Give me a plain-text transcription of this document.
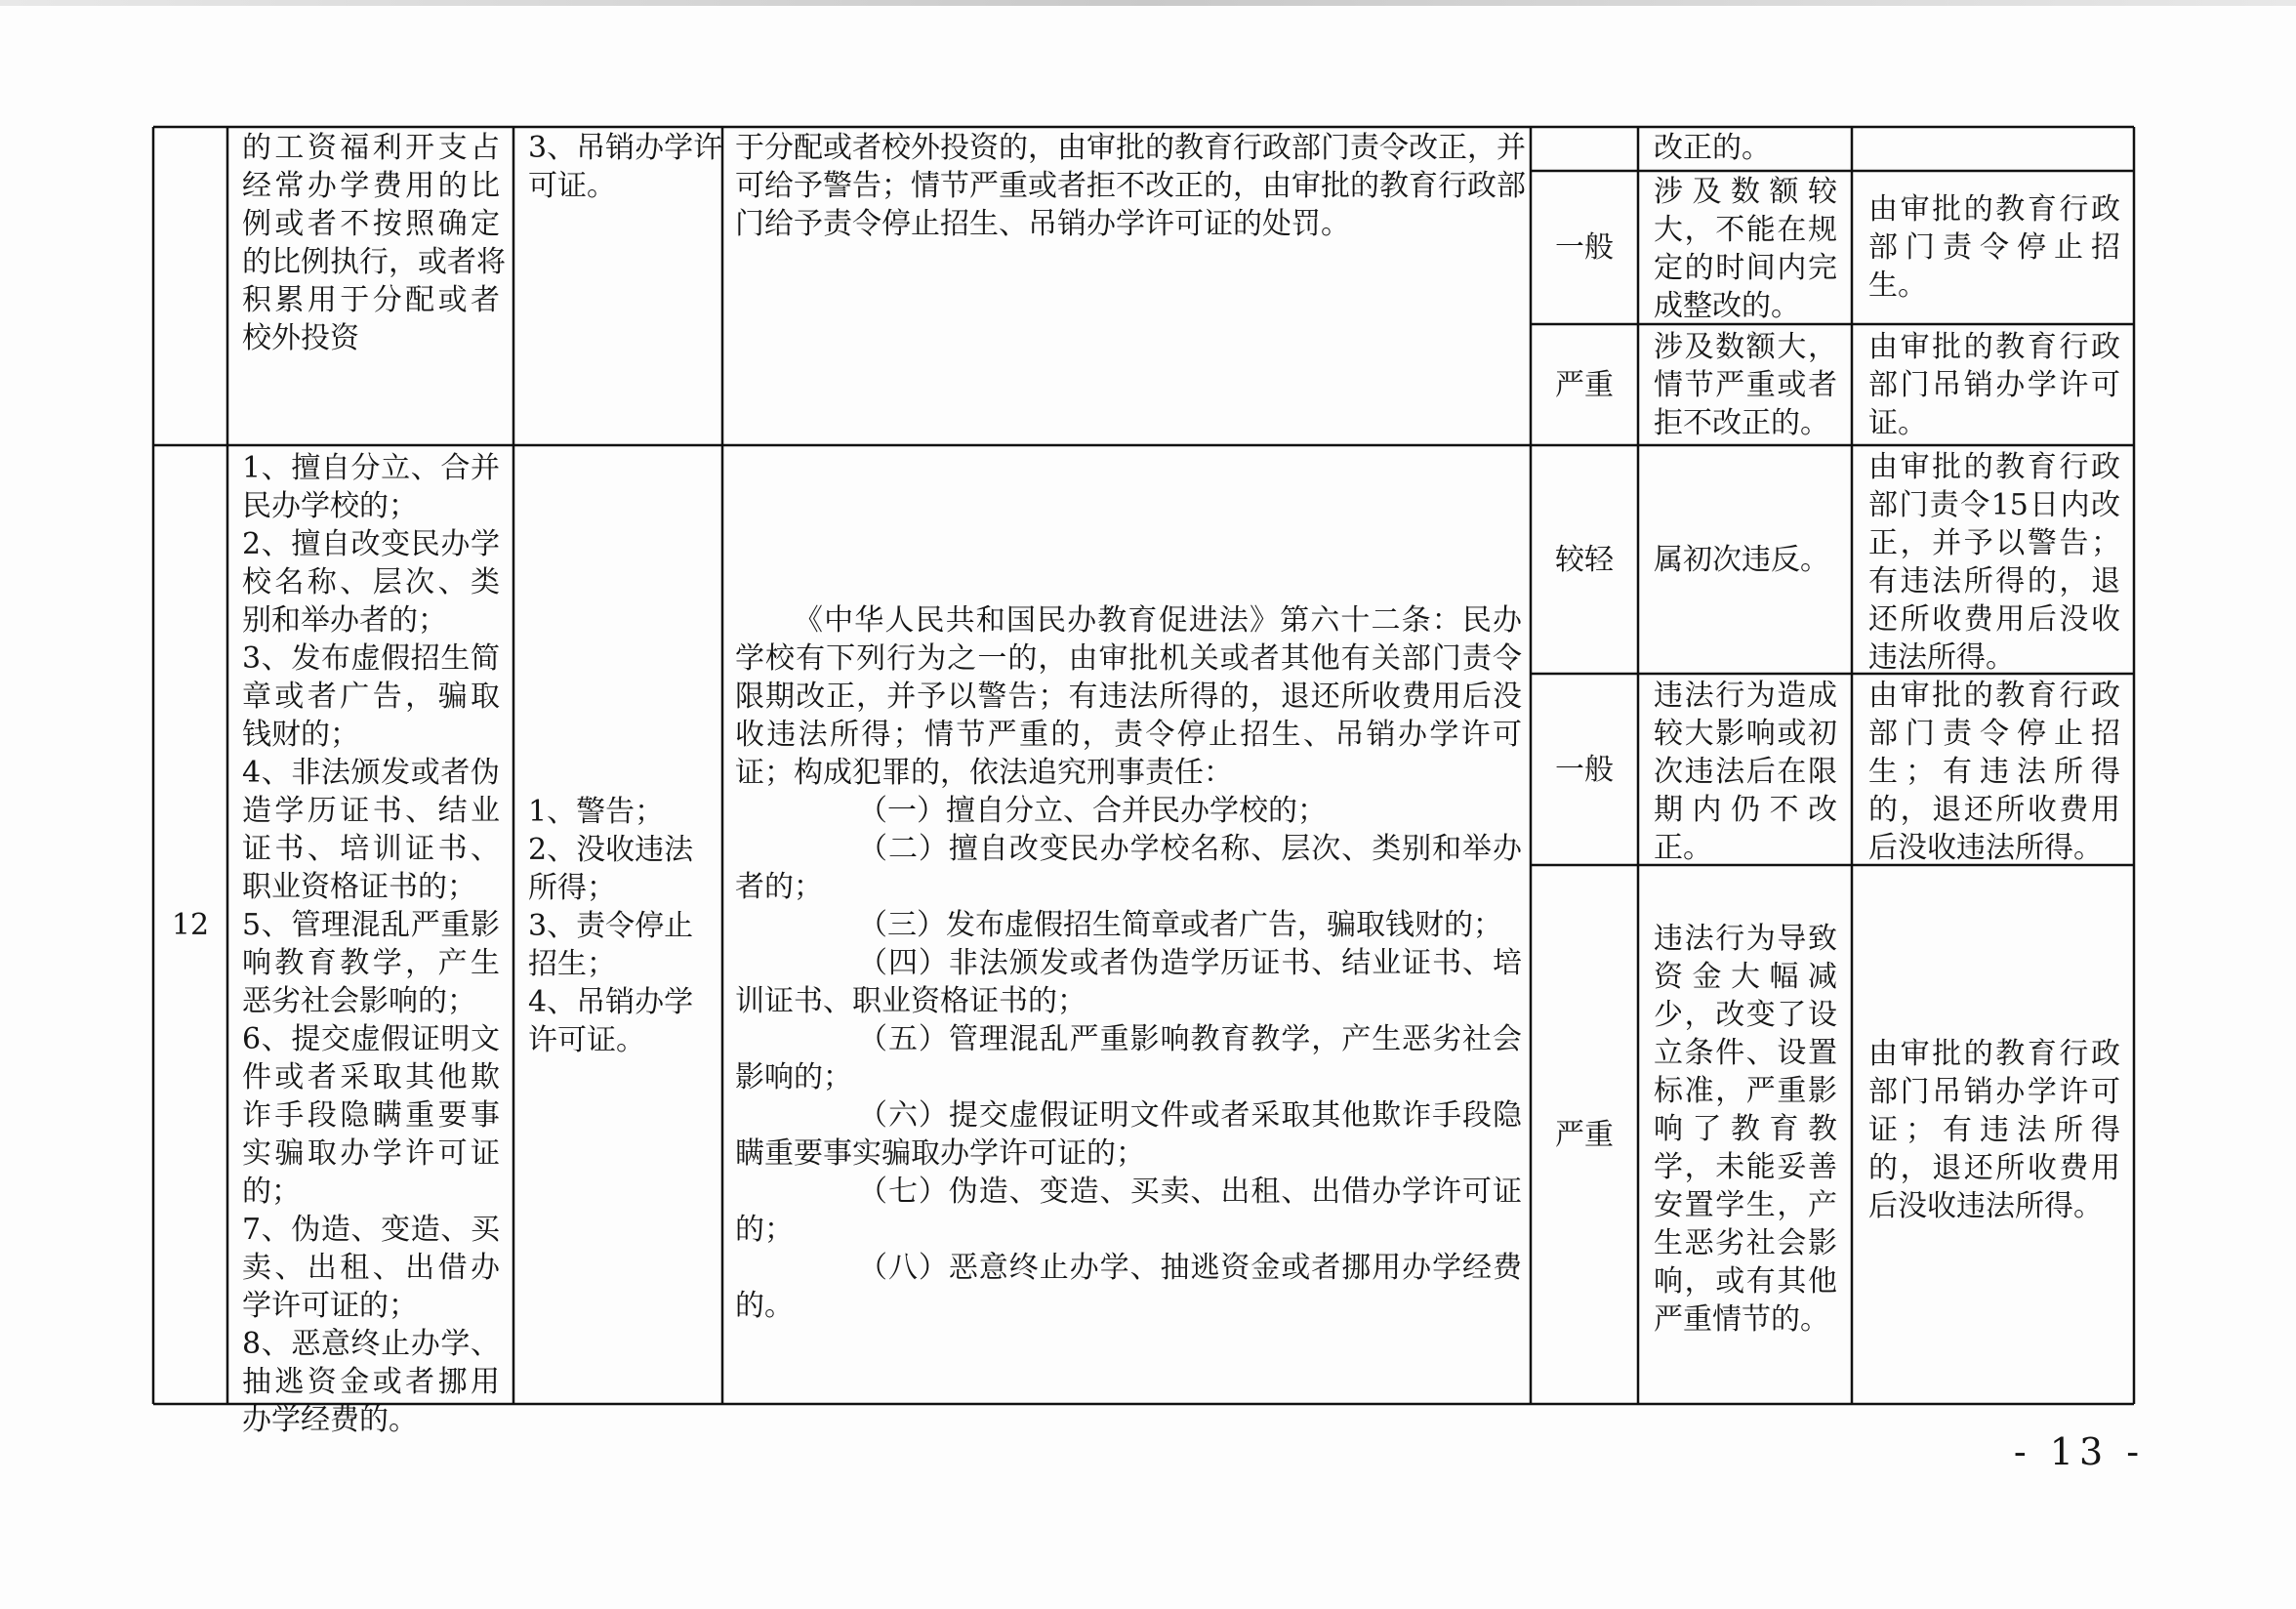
的工资福利开支占
经常办学费用的比
例或者不按照确定
的比例执行，或者将
积累用于分配或者
校外投资
3、吊销办学许
可证。
于分配或者校外投资的，由审批的教育行政部门责令改正，并
可给予警告；情节严重或者拒不改正的，由审批的教育行政部
门给予责令停止招生、吊销办学许可证的处罚。
改正的。
一般
涉及数额较大，不能在规定的时间内完成整改的。
由审批的教育行政部门责令停止招生。
严重
涉及数额大，情节严重或者拒不改正的。
由审批的教育行政部门吊销办学许可证。
12
1、擅自分立、合并民办学校的；
2、擅自改变民办学校名称、层次、类别和举办者的；
3、发布虚假招生简章或者广告，骗取钱财的；
4、非法颁发或者伪造学历证书、结业证书、培训证书、职业资格证书的；
5、管理混乱严重影响教育教学，产生恶劣社会影响的；
6、提交虚假证明文件或者采取其他欺诈手段隐瞒重要事实骗取办学许可证的；
7、伪造、变造、买卖、出租、出借办学许可证的；
8、恶意终止办学、抽逃资金或者挪用办学经费的。
1、警告；
2、没收违法所得；
3、责令停止招生；
4、吊销办学许可证。
《中华人民共和国民办教育促进法》第六十二条：民办学校有下列行为之一的，由审批机关或者其他有关部门责令限期改正，并予以警告；有违法所得的，退还所收费用后没收违法所得；情节严重的，责令停止招生、吊销办学许可证；构成犯罪的，依法追究刑事责任：
（一）擅自分立、合并民办学校的；
（二）擅自改变民办学校名称、层次、类别和举办者的；
（三）发布虚假招生简章或者广告，骗取钱财的；
（四）非法颁发或者伪造学历证书、结业证书、培训证书、职业资格证书的；
（五）管理混乱严重影响教育教学，产生恶劣社会影响的；
（六）提交虚假证明文件或者采取其他欺诈手段隐瞒重要事实骗取办学许可证的；
（七）伪造、变造、买卖、出租、出借办学许可证的；
（八）恶意终止办学、抽逃资金或者挪用办学经费的。
较轻	属初次违反。
由审批的教育行政部门责令15日内改正，并予以警告；有违法所得的，退还所收费用后没收违法所得。
一般
违法行为造成较大影响或初次违法后在限期内仍不改正。
由审批的教育行政部门责令停止招生；有违法所得的，退还所收费用后没收违法所得。
严重
违法行为导致资金大幅减少，改变了设立条件、设置标准，严重影响了教育教学，未能妥善安置学生，产生恶劣社会影响，或有其他严重情节的。
由审批的教育行政部门吊销办学许可证；有违法所得的，退还所收费用后没收违法所得。
- 13 -
